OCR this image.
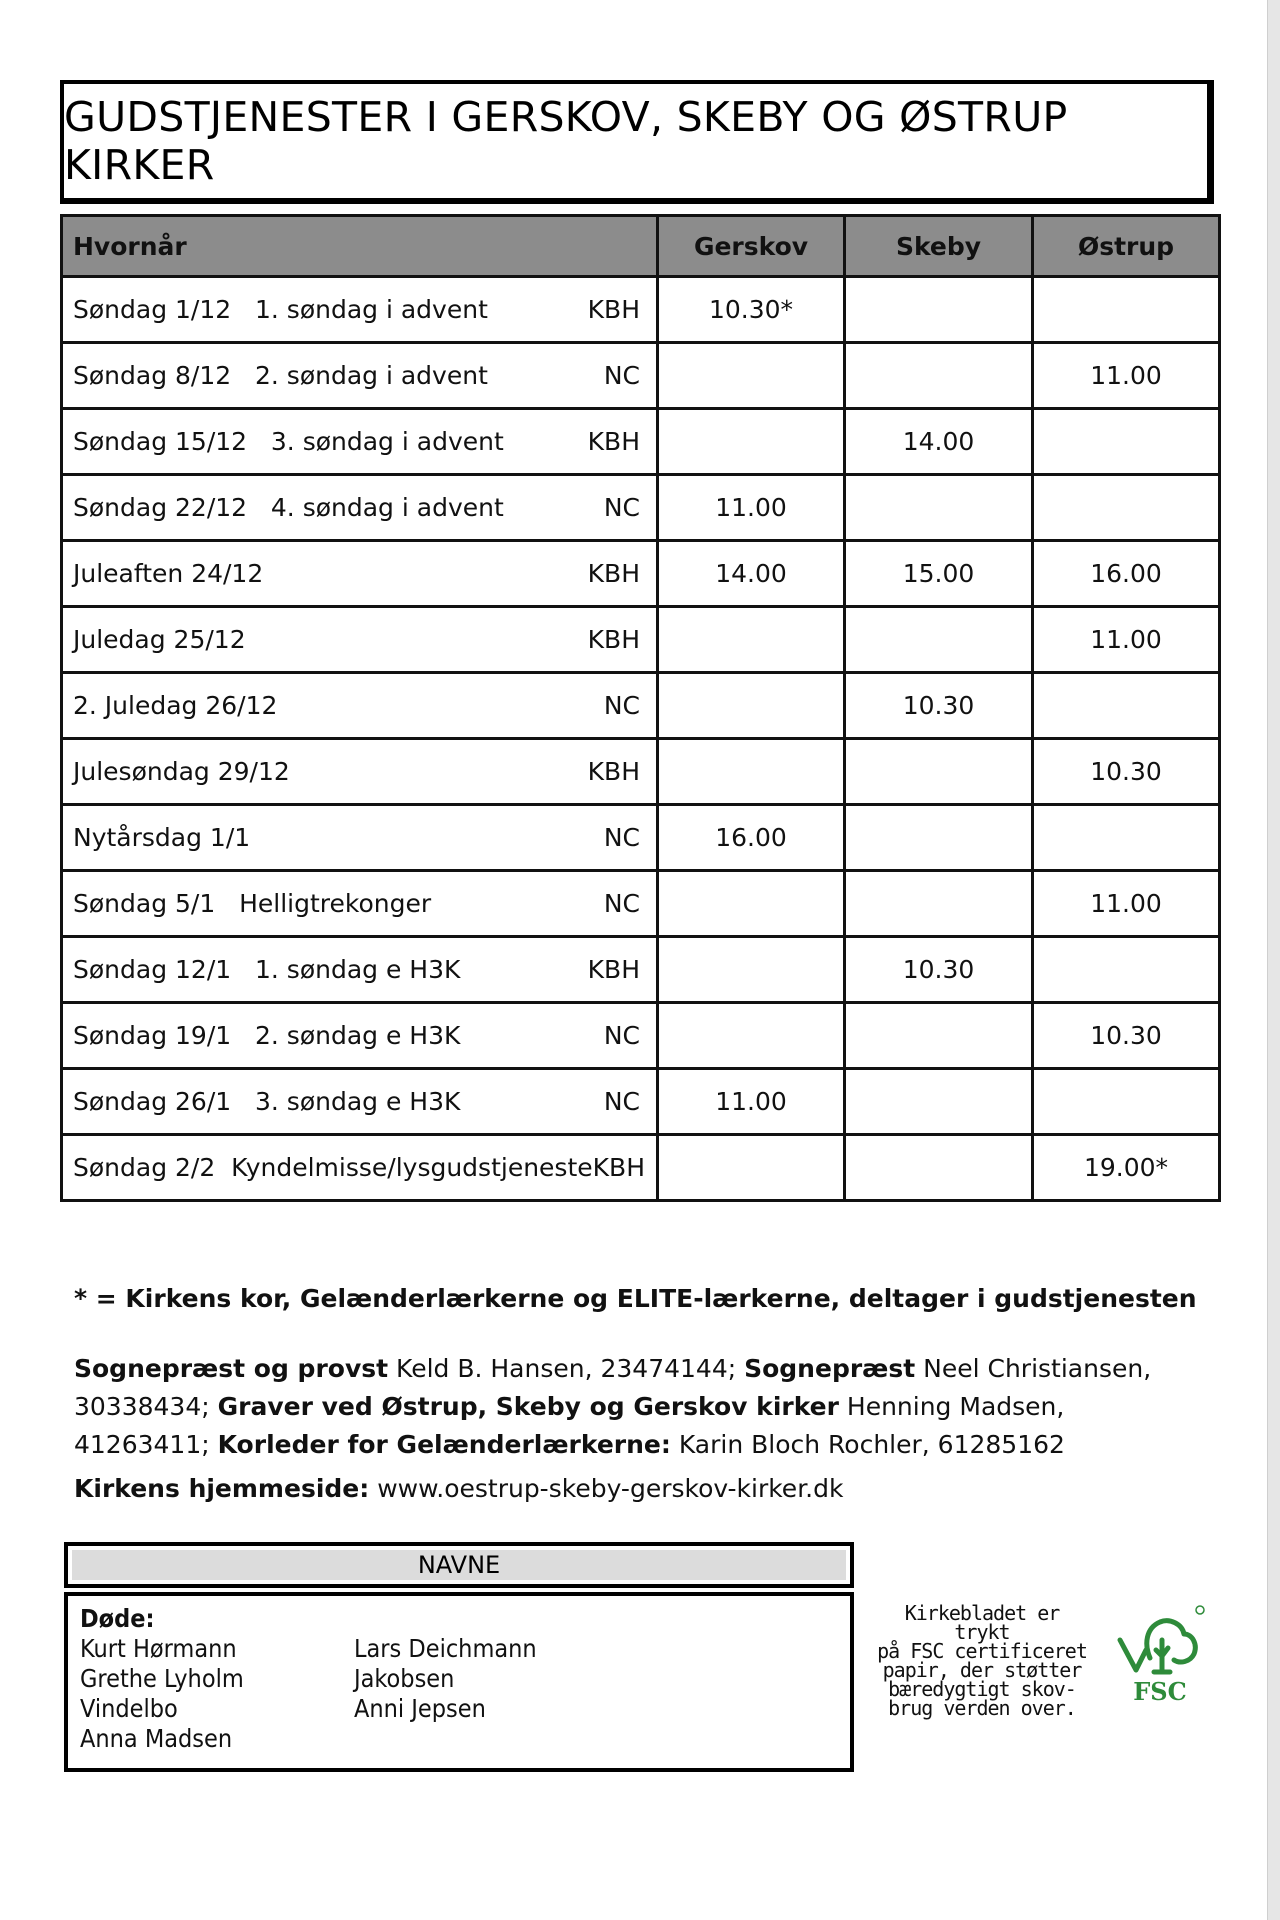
GUDSTJENESTER I GERSKOV, SKEBY OG ØSTRUP KIRKER
Hvornår	Gerskov	Skeby	Østrup

Søndag 1/12   1. søndag i advent KBH	10.30*		

Søndag 8/12   2. søndag i advent NC			11.00

Søndag 15/12   3. søndag i advent KBH		14.00	

Søndag 22/12   4. søndag i advent NC	11.00		

Juleaften 24/12 KBH	14.00	15.00	16.00

Juledag 25/12 KBH			11.00

2. Juledag 26/12 NC		10.30	

Julesøndag 29/12 KBH			10.30

Nytårsdag 1/1 NC	16.00		

Søndag 5/1   Helligtrekonger NC			11.00

Søndag 12/1   1. søndag e H3K KBH		10.30	

Søndag 19/1   2. søndag e H3K NC			10.30

Søndag 26/1   3. søndag e H3K NC	11.00		

Søndag 2/2  Kyndelmisse/lysgudstjeneste KBH			19.00*
* = Kirkens kor, Gelænderlærkerne og ELITE-lærkerne, deltager i gudstjenesten
Sognepræst og provst Keld B. Hansen, 23474144; Sognepræst Neel Christiansen, 30338434; Graver ved Østrup, Skeby og Gerskov kirker Henning Madsen, 41263411; Korleder for Gelænderlærkerne: Karin Bloch Rochler, 61285162
Kirkens hjemmeside: www.oestrup-skeby-gerskov-kirker.dk
NAVNE
Døde:
Kurt Hørmann
Grethe Lyholm
Vindelbo
Anna Madsen
Lars Deichmann
Jakobsen
Anni Jepsen
Kirkebladet er trykt
på FSC certificeret
papir, der støtter
bæredygtigt skov-
brug verden over.
FSC
